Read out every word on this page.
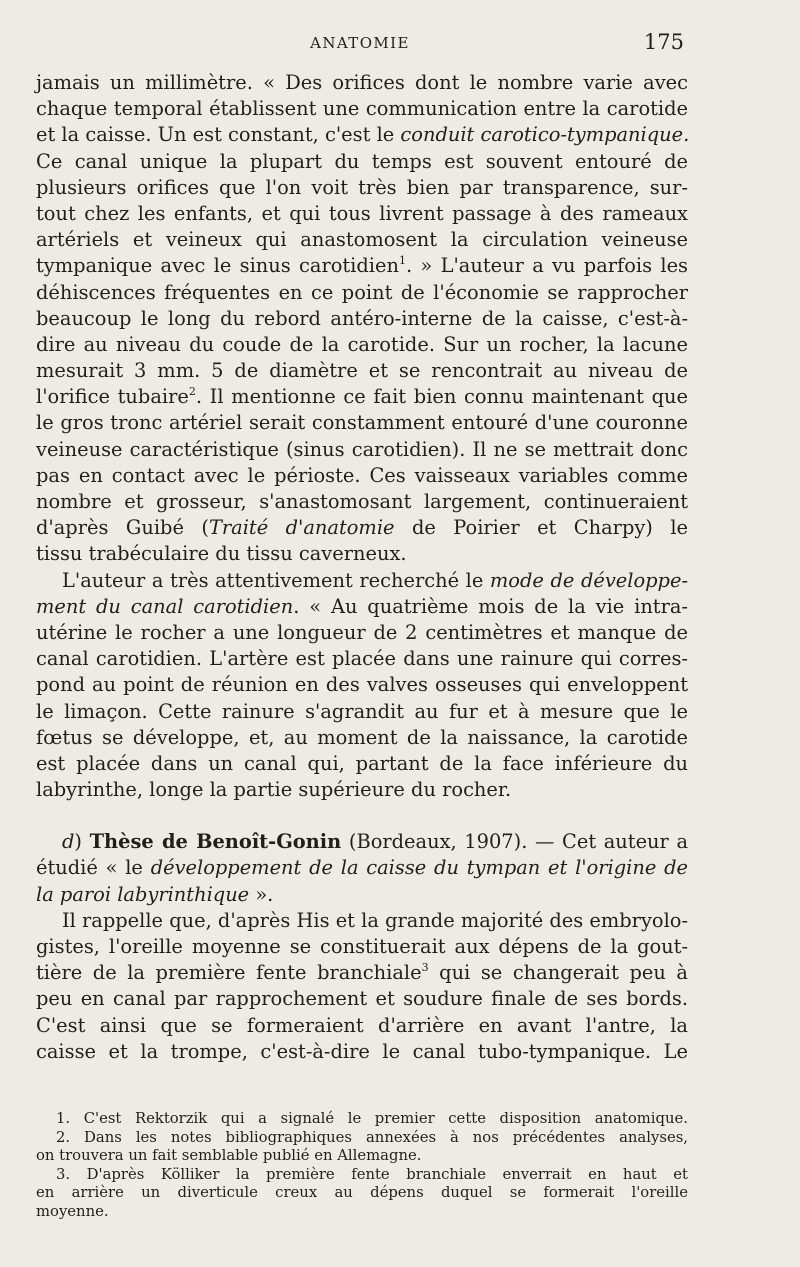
ANATOMIE	175
jamais un millimètre. « Des orifices dont le nombre varie avec
chaque temporal établissent une communication entre la carotide
et la caisse. Un est constant, c'est le conduit carotico-tympanique.
Ce canal unique la plupart du temps est souvent entouré de
plusieurs orifices que l'on voit très bien par transparence, sur-
tout chez les enfants, et qui tous livrent passage à des rameaux
artériels et veineux qui anastomosent la circulation veineuse
tympanique avec le sinus carotidien$^1$. » L'auteur a vu parfois les
déhiscences fréquentes en ce point de l'économie se rapprocher
beaucoup le long du rebord antéro-interne de la caisse, c'est-à-
dire au niveau du coude de la carotide. Sur un rocher, la lacune
mesurait 3 mm. 5 de diamètre et se rencontrait au niveau de
l'orifice tubaire$^2$. Il mentionne ce fait bien connu maintenant que
le gros tronc artériel serait constamment entouré d'une couronne
veineuse caractéristique (sinus carotidien). Il ne se mettrait donc
pas en contact avec le périoste. Ces vaisseaux variables comme
nombre et grosseur, s'anastomosant largement, continueraient
d'après Guibé (Traité d'anatomie de Poirier et Charpy) le
tissu trabéculaire du tissu caverneux.
L'auteur a très attentivement recherché le mode de développe-
ment du canal carotidien. « Au quatrième mois de la vie intra-
utérine le rocher a une longueur de 2 centimètres et manque de
canal carotidien. L'artère est placée dans une rainure qui corres-
pond au point de réunion en des valves osseuses qui enveloppent
le limaçon. Cette rainure s'agrandit au fur et à mesure que le
fœtus se développe, et, au moment de la naissance, la carotide
est placée dans un canal qui, partant de la face inférieure du
labyrinthe, longe la partie supérieure du rocher.
d) Thèse de Benoît-Gonin (Bordeaux, 1907). — Cet auteur a
étudié « le développement de la caisse du tympan et l'origine de
la paroi labyrinthique ».
Il rappelle que, d'après His et la grande majorité des embryolo-
gistes, l'oreille moyenne se constituerait aux dépens de la gout-
tière de la première fente branchiale$^3$ qui se changerait peu à
peu en canal par rapprochement et soudure finale de ses bords.
C'est ainsi que se formeraient d'arrière en avant l'antre, la
caisse et la trompe, c'est-à-dire le canal tubo-tympanique. Le
1. C'est Rektorzik qui a signalé le premier cette disposition anatomique.
2. Dans les notes bibliographiques annexées à nos précédentes analyses,
on trouvera un fait semblable publié en Allemagne.
3. D'après Kölliker la première fente branchiale enverrait en haut et
en arrière un diverticule creux au dépens duquel se formerait l'oreille
moyenne.
